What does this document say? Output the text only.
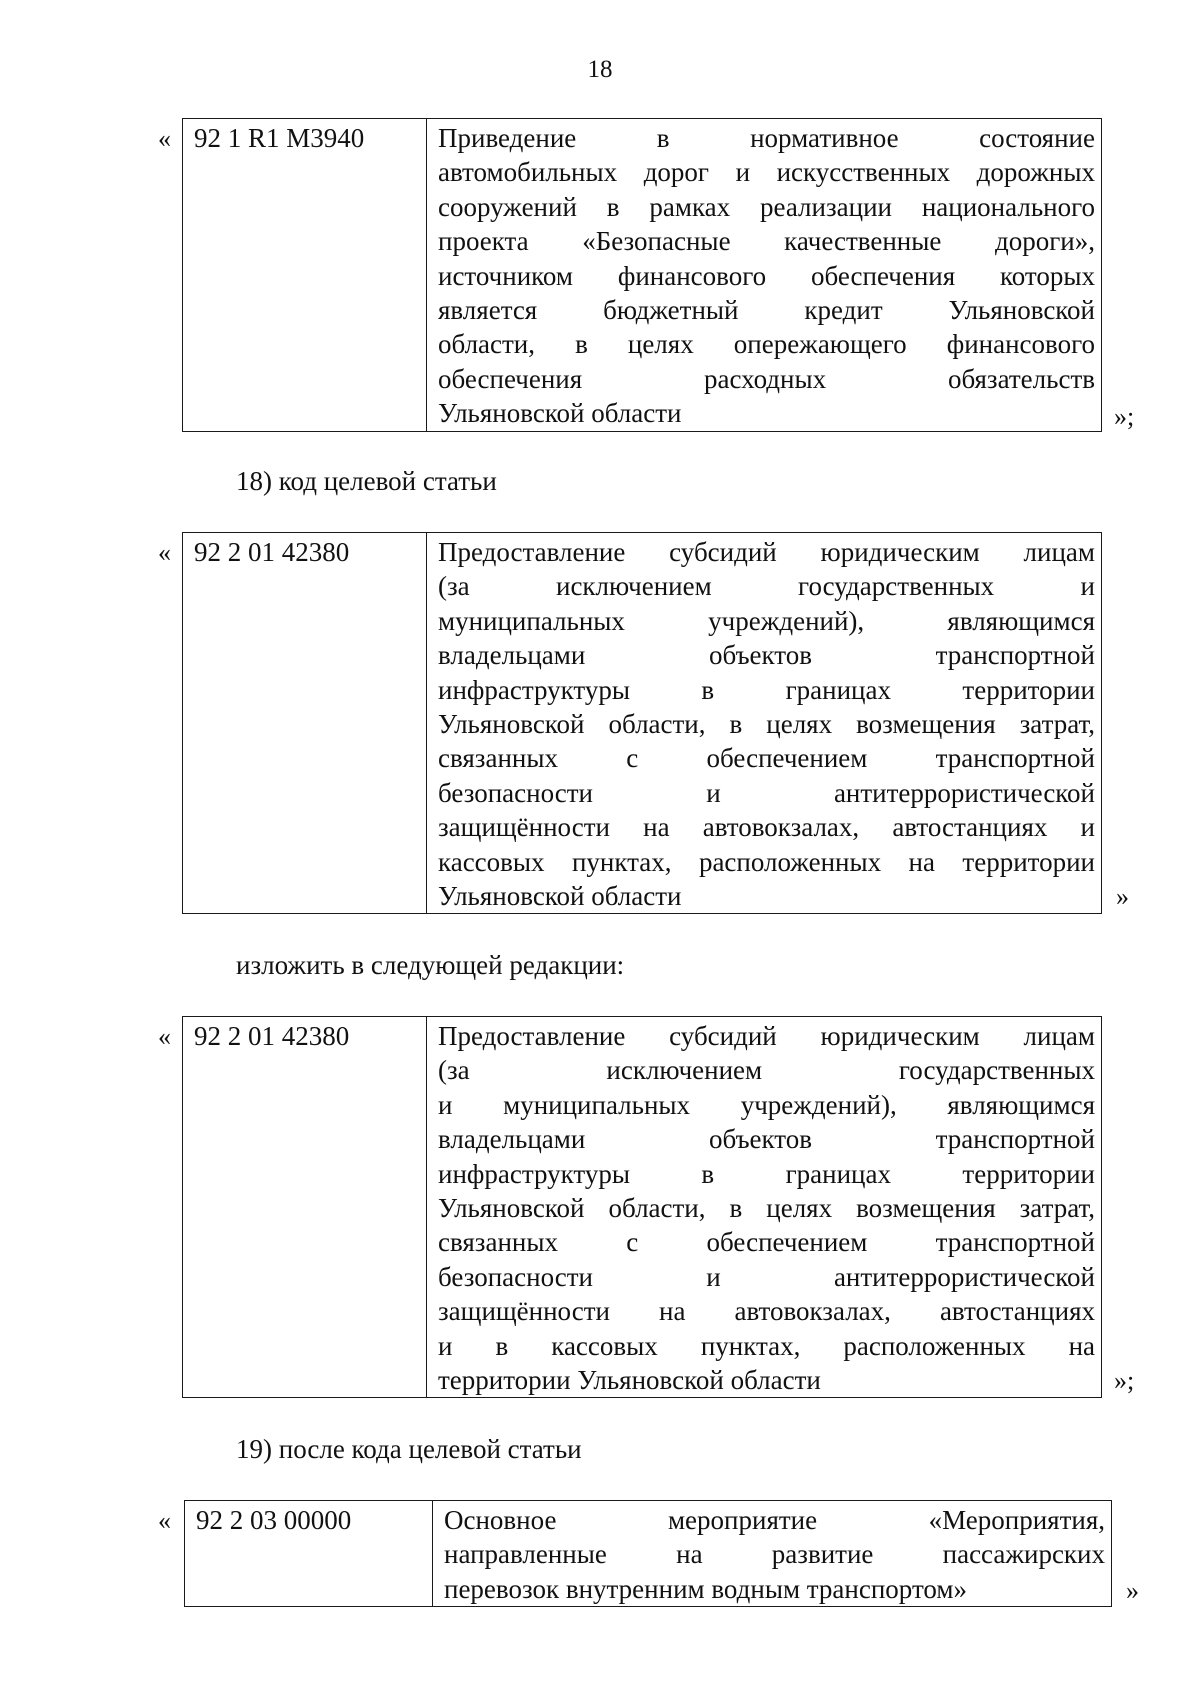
18
« 92 1 R1 M3940	Приведение в нормативное состояние
автомобильных дорог и искусственных дорожных
сооружений в рамках реализации национального
проекта «Безопасные качественные дороги»,
источником финансового обеспечения которых
является бюджетный кредит Ульяновской
области, в целях опережающего финансового
обеспечения расходных обязательств
Ульяновской области	»;
18) код целевой статьи
« 92 2 01 42380	Предоставление субсидий юридическим лицам
(за исключением государственных и
муниципальных учреждений), являющимся
владельцами объектов транспортной
инфраструктуры в границах территории
Ульяновской области, в целях возмещения затрат,
связанных с обеспечением транспортной
безопасности и антитеррористической
защищённости на автовокзалах, автостанциях и
кассовых пунктах, расположенных на территории
Ульяновской области	»
изложить в следующей редакции:
« 92 2 01 42380	Предоставление субсидий юридическим лицам
(за исключением государственных
и муниципальных учреждений), являющимся
владельцами объектов транспортной
инфраструктуры в границах территории
Ульяновской области, в целях возмещения затрат,
связанных с обеспечением транспортной
безопасности и антитеррористической
защищённости на автовокзалах, автостанциях
и в кассовых пунктах, расположенных на
территории Ульяновской области	»;
19) после кода целевой статьи
« 92 2 03 00000	Основное мероприятие «Мероприятия,
направленные на развитие пассажирских
перевозок внутренним водным транспортом»	»
